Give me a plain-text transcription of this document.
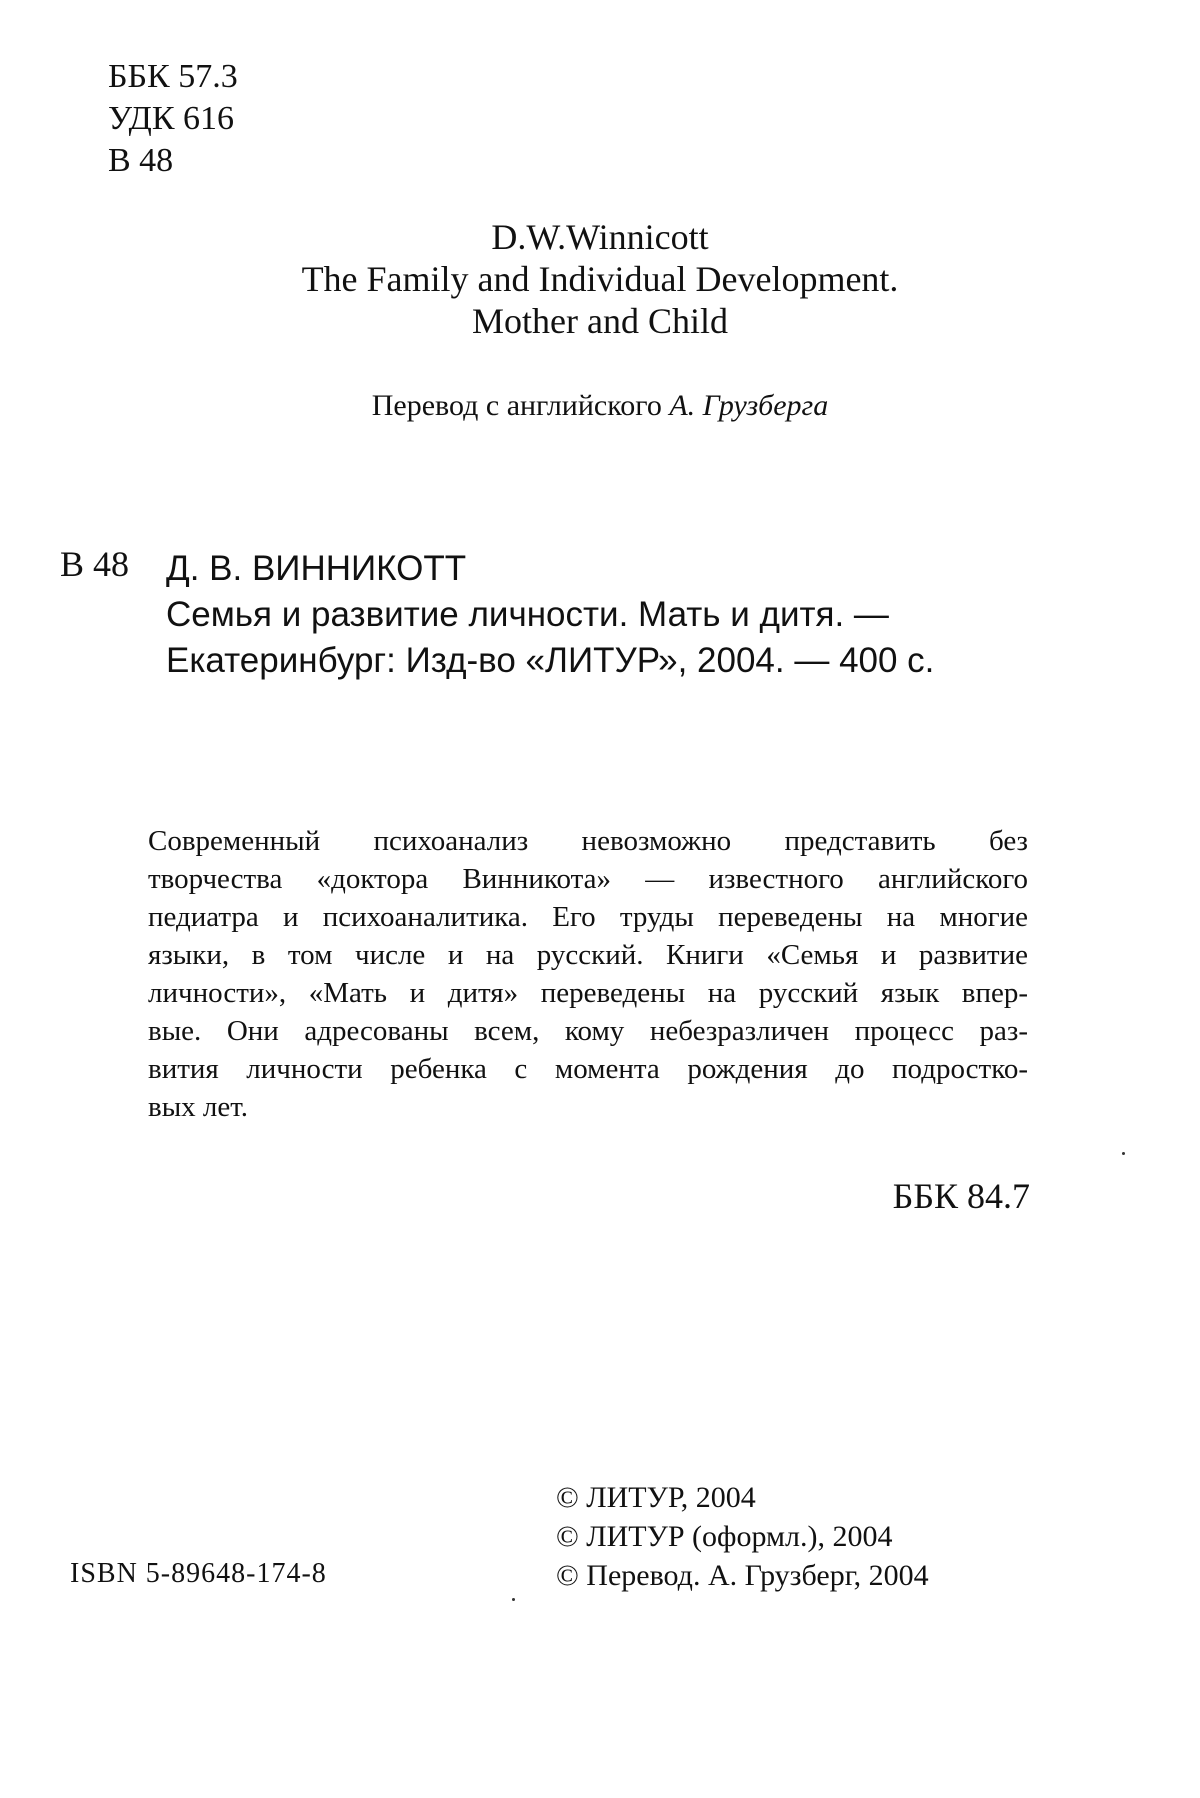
ББК 57.3
УДК 616
В 48
D.W.Winnicott
The Family and Individual Development.
Mother and Child
Перевод с английского А. Грузберга
В 48 Д. В. ВИННИКОТТ
Семья и развитие личности. Мать и дитя. —
Екатеринбург: Изд-во «ЛИТУР», 2004. — 400 с.
Современный психоанализ невозможно представить без
творчества «доктора Винникота» — известного английского
педиатра и психоаналитика. Его труды переведены на многие
языки, в том числе и на русский. Книги «Семья и развитие
личности», «Мать и дитя» переведены на русский язык впер-
вые. Они адресованы всем, кому небезразличен процесс раз-
вития личности ребенка с момента рождения до подростко-
вых лет.
ББК 84.7
© ЛИТУР, 2004
© ЛИТУР (оформл.), 2004
© Перевод. А. Грузберг, 2004
ISBN 5-89648-174-8
